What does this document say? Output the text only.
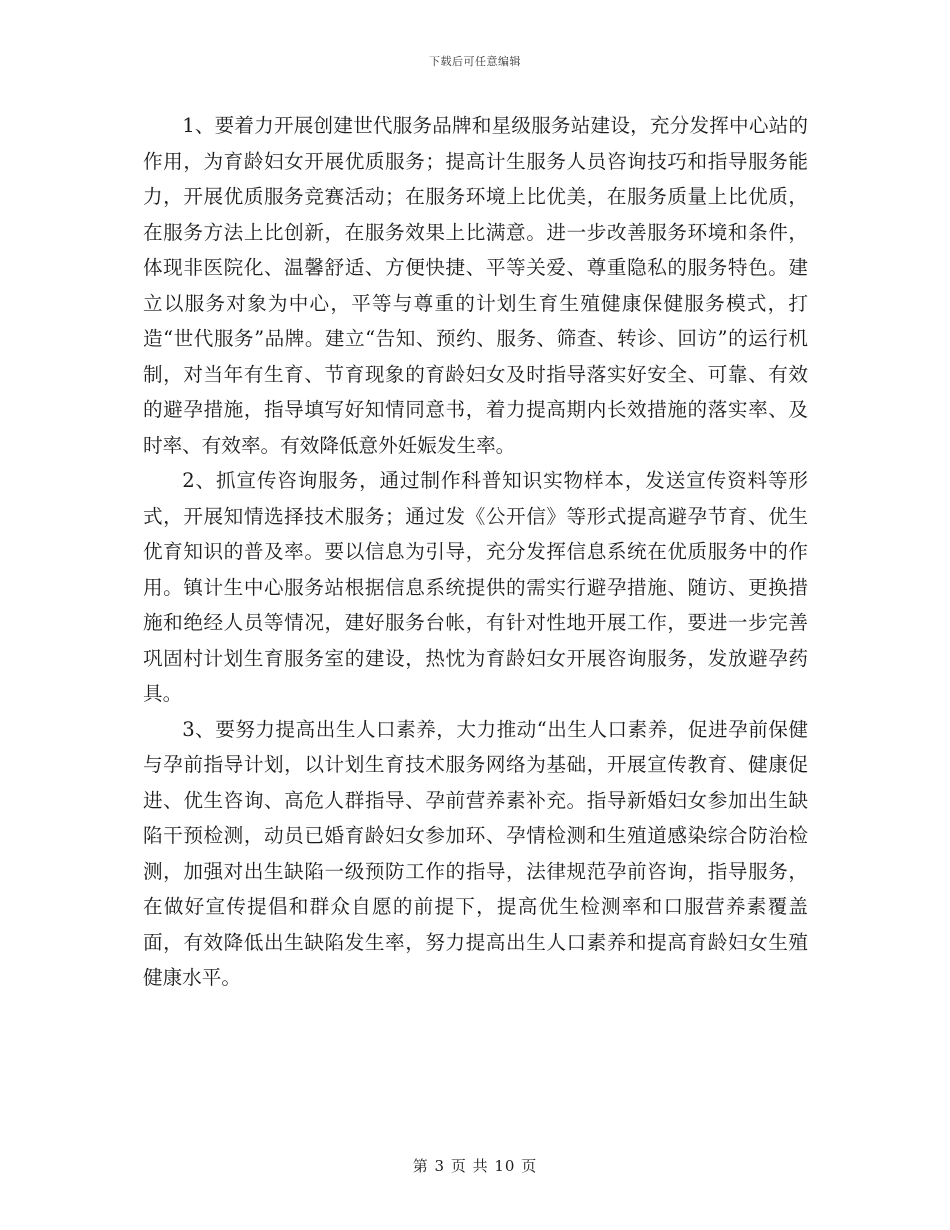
下载后可任意编辑

1、要着力开展创建世代服务品牌和星级服务站建设，充分发挥中心站的作用，为育龄妇女开展优质服务；提高计生服务人员咨询技巧和指导服务能力，开展优质服务竞赛活动；在服务环境上比优美，在服务质量上比优质，在服务方法上比创新，在服务效果上比满意。进一步改善服务环境和条件，体现非医院化、温馨舒适、方便快捷、平等关爱、尊重隐私的服务特色。建立以服务对象为中心，平等与尊重的计划生育生殖健康保健服务模式，打造“世代服务”品牌。建立“告知、预约、服务、筛查、转诊、回访”的运行机制，对当年有生育、节育现象的育龄妇女及时指导落实好安全、可靠、有效的避孕措施，指导填写好知情同意书，着力提高期内长效措施的落实率、及时率、有效率。有效降低意外妊娠发生率。

2、抓宣传咨询服务，通过制作科普知识实物样本，发送宣传资料等形式，开展知情选择技术服务；通过发《公开信》等形式提高避孕节育、优生优育知识的普及率。要以信息为引导，充分发挥信息系统在优质服务中的作用。镇计生中心服务站根据信息系统提供的需实行避孕措施、随访、更换措施和绝经人员等情况，建好服务台帐，有针对性地开展工作，要进一步完善巩固村计划生育服务室的建设，热忱为育龄妇女开展咨询服务，发放避孕药具。

3、要努力提高出生人口素养，大力推动“出生人口素养，促进孕前保健与孕前指导计划，以计划生育技术服务网络为基础，开展宣传教育、健康促进、优生咨询、高危人群指导、孕前营养素补充。指导新婚妇女参加出生缺陷干预检测，动员已婚育龄妇女参加环、孕情检测和生殖道感染综合防治检测，加强对出生缺陷一级预防工作的指导，法律规范孕前咨询，指导服务，在做好宣传提倡和群众自愿的前提下，提高优生检测率和口服营养素覆盖面，有效降低出生缺陷发生率，努力提高出生人口素养和提高育龄妇女生殖健康水平。

第 3 页 共 10 页
